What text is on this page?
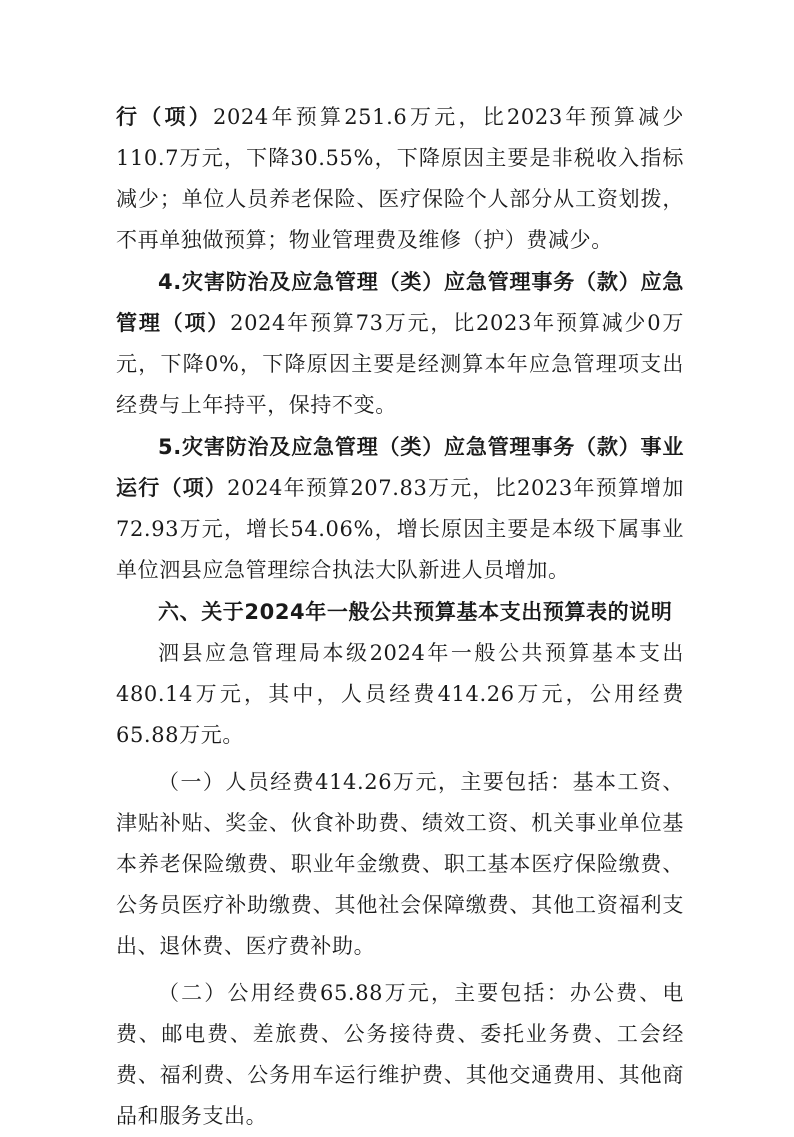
行（项）2024年预算251.6万元，比2023年预算减少110.7万元，下降30.55%，下降原因主要是非税收入指标减少；单位人员养老保险、医疗保险个人部分从工资划拨，不再单独做预算；物业管理费及维修（护）费减少。

4.灾害防治及应急管理（类）应急管理事务（款）应急管理（项）2024年预算73万元，比2023年预算减少0万元，下降0%，下降原因主要是经测算本年应急管理项支出经费与上年持平，保持不变。

5.灾害防治及应急管理（类）应急管理事务（款）事业运行（项）2024年预算207.83万元，比2023年预算增加72.93万元，增长54.06%，增长原因主要是本级下属事业单位泗县应急管理综合执法大队新进人员增加。

六、关于2024年一般公共预算基本支出预算表的说明

泗县应急管理局本级2024年一般公共预算基本支出480.14万元，其中，人员经费414.26万元，公用经费65.88万元。

（一）人员经费414.26万元，主要包括：基本工资、津贴补贴、奖金、伙食补助费、绩效工资、机关事业单位基本养老保险缴费、职业年金缴费、职工基本医疗保险缴费、公务员医疗补助缴费、其他社会保障缴费、其他工资福利支出、退休费、医疗费补助。

（二）公用经费65.88万元，主要包括：办公费、电费、邮电费、差旅费、公务接待费、委托业务费、工会经费、福利费、公务用车运行维护费、其他交通费用、其他商品和服务支出。
